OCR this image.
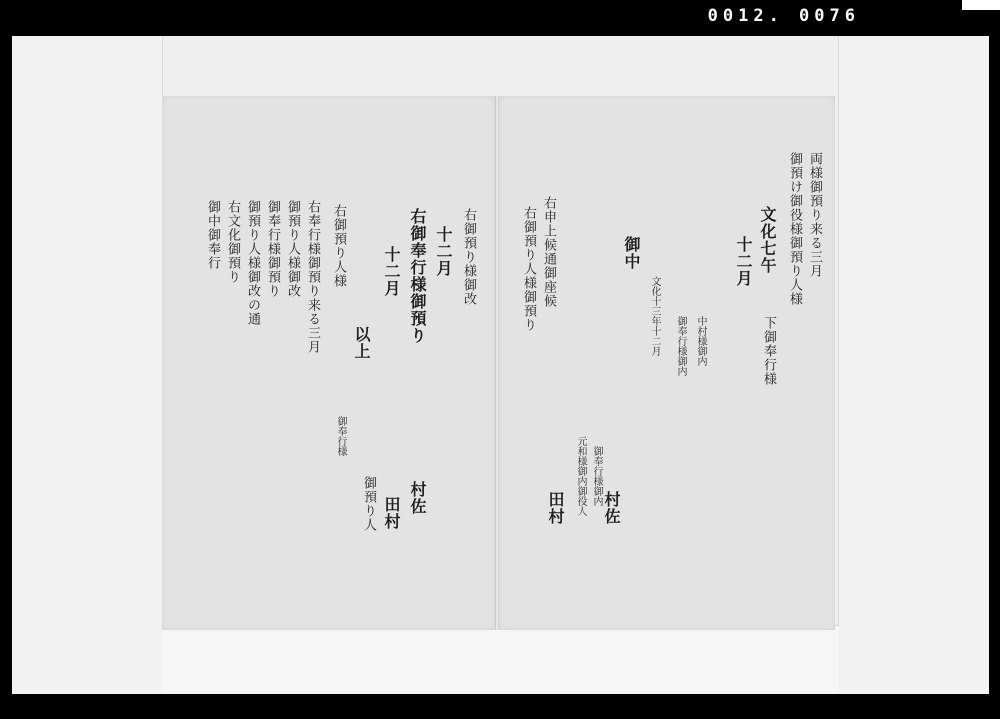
0012. 0076
右御預り様御改
十二月
右御奉行様御預り
十二月
右御預り人様
以上
右奉行様御預り来る三月
御預り人様御改
御奉行様御預り
御預り人様御改の通
右文化御預り
御中御奉行
御奉行様
村佐
田村
御預り人
両様御預り来る三月
御預け御役様御預り人様
文化七午
十二月
下御奉行様
中村様御内
御奉行様御内
御中
文化十三年十二月
右御預り人様御預り 右申上候通御座候
元和様御内御役人
田村 村佐
御奉行様御内
